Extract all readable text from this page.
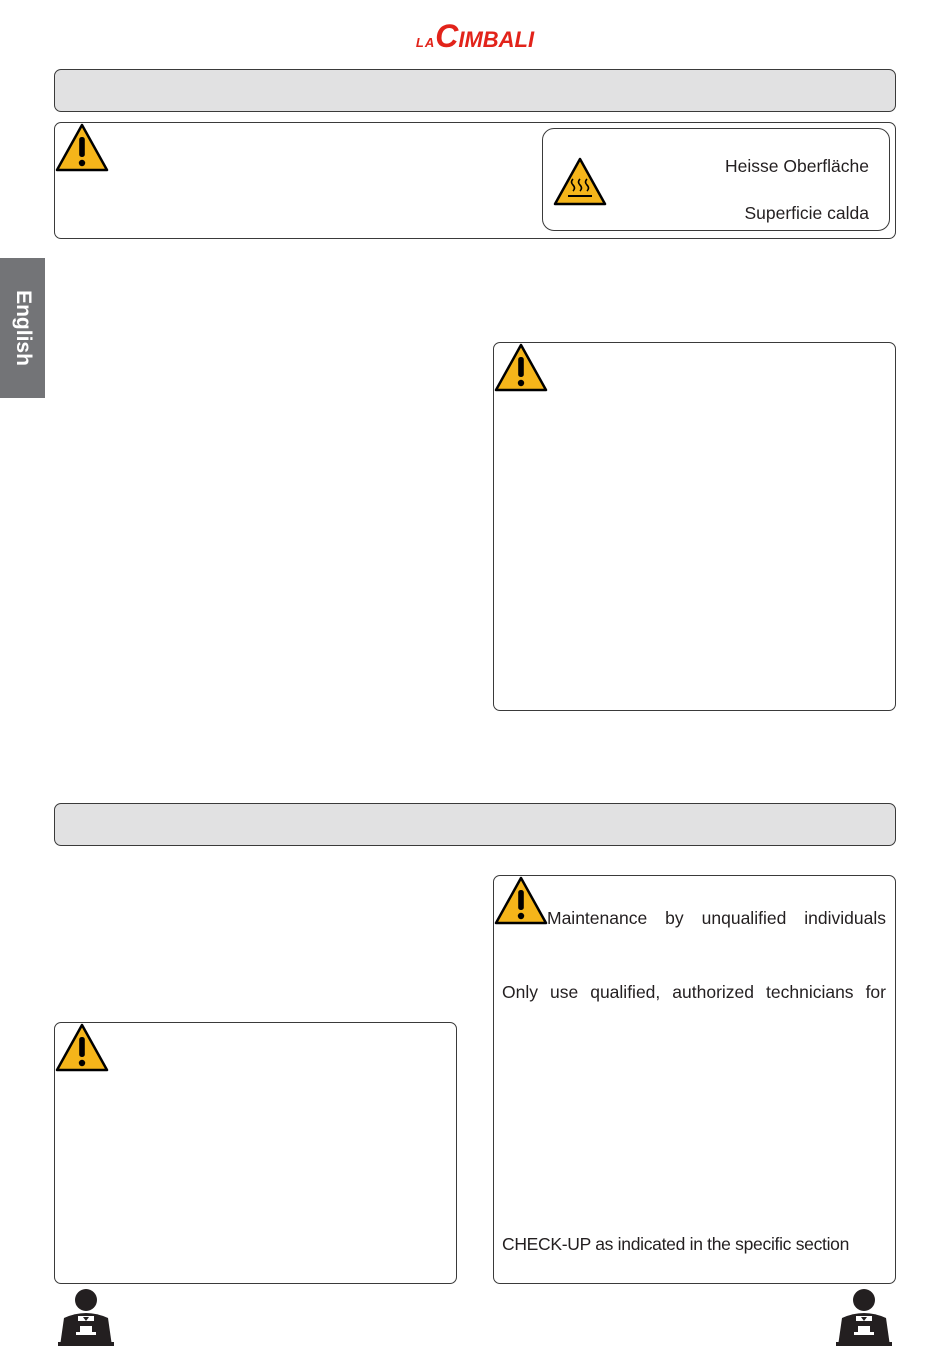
LACIMBALI
Heisse Oberfläche
Superficie calda
English
Maintenance by unqualified individuals
Only use qualified, authorized technicians for
CHECK-UP as indicated in the specific section
